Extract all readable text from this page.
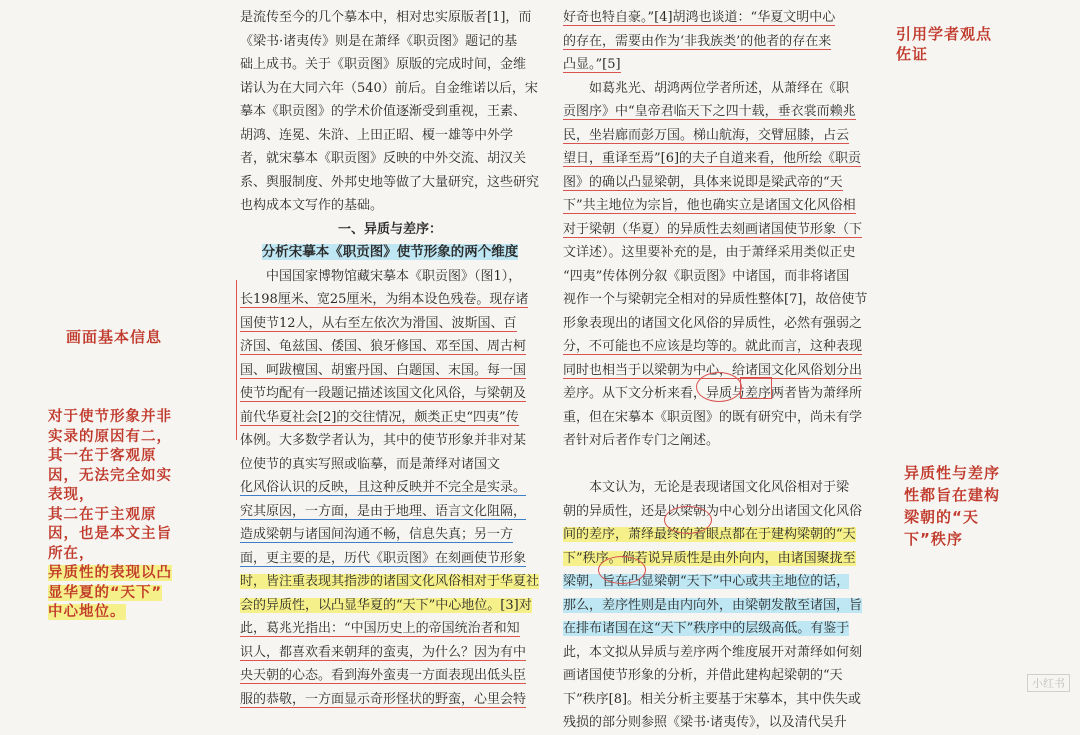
是流传至今的几个摹本中，相对忠实原版者[1]，而
《梁书·诸夷传》则是在萧绎《职贡图》题记的基
础上成书。关于《职贡图》原版的完成时间，金维
诺认为在大同六年（540）前后。自金维诺以后，宋
摹本《职贡图》的学术价值逐渐受到重视，王素、
胡鸿、连冕、朱浒、上田正昭、榎一雄等中外学
者，就宋摹本《职贡图》反映的中外交流、胡汉关
系、舆服制度、外邦史地等做了大量研究，这些研究
也构成本文写作的基础。
一、异质与差序：
分析宋摹本《职贡图》使节形象的两个维度
中国国家博物馆藏宋摹本《职贡图》（图1），
长198厘米、宽25厘米，为绢本设色残卷。现存诸
国使节12人，从右至左依次为滑国、波斯国、百
济国、龟兹国、倭国、狼牙修国、邓至国、周古柯
国、呵跋檀国、胡蜜丹国、白题国、末国。每一国
使节均配有一段题记描述该国文化风俗，与梁朝及
前代华夏社会[2]的交往情况，颇类正史“四夷”传
体例。大多数学者认为，其中的使节形象并非对某
位使节的真实写照或临摹，而是萧绎对诸国文
化风俗认识的反映，且这种反映并不完全是实录。
究其原因，一方面，是由于地理、语言文化阻隔，
造成梁朝与诸国间沟通不畅，信息失真；另一方
面，更主要的是，历代《职贡图》在刻画使节形象
时，皆注重表现其指涉的诸国文化风俗相对于华夏社
会的异质性，以凸显华夏的“天下”中心地位。[3]对
此，葛兆光指出：“中国历史上的帝国统治者和知
识人，都喜欢看来朝拜的蛮夷，为什么？因为有中
央天朝的心态。看到海外蛮夷一方面表现出低头臣
服的恭敬，一方面显示奇形怪状的野蛮，心里会特
好奇也特自豪。”[4]胡鸿也谈道：“华夏文明中心
的存在，需要由作为‘非我族类’的他者的存在来
凸显。”[5]
如葛兆光、胡鸿两位学者所述，从萧绎在《职
贡图序》中“皇帝君临天下之四十载，垂衣裳而赖兆
民，坐岩廊而彭万国。梯山航海，交臂屈膝，占云
望日，重译至焉”[6]的夫子自道来看，他所绘《职贡
图》的确以凸显梁朝，具体来说即是梁武帝的“天
下”共主地位为宗旨，他也确实立是诸国文化风俗相
对于梁朝（华夏）的异质性去刻画诸国使节形象（下
文详述）。这里要补充的是，由于萧绎采用类似正史
“四夷”传体例分叙《职贡图》中诸国，而非将诸国
视作一个与梁朝完全相对的异质性整体[7]，故倍使节
形象表现出的诸国文化风俗的异质性，必然有强弱之
分，不可能也不应该是均等的。就此而言，这种表现
同时也相当于以梁朝为中心，给诸国文化风俗划分出
差序。从下文分析来看，异质与差序两者皆为萧绎所
重，但在宋摹本《职贡图》的既有研究中，尚未有学
者针对后者作专门之阐述。
本文认为，无论是表现诸国文化风俗相对于梁
朝的异质性，还是以梁朝为中心划分出诸国文化风俗
间的差序，萧绎最终的着眼点都在于建构梁朝的“天
下”秩序。倘若说异质性是由外向内，由诸国聚拢至
梁朝，旨在凸显梁朝“天下”中心或共主地位的话，
那么，差序性则是由内向外，由梁朝发散至诸国，旨
在排布诸国在这“天下”秩序中的层级高低。有鉴于
此，本文拟从异质与差序两个维度展开对萧绎如何刻
画诸国使节形象的分析，并借此建构起梁朝的“天
下”秩序[8]。相关分析主要基于宋摹本，其中佚失或
残损的部分则参照《梁书·诸夷传》，以及清代吴升
引用学者观点
佐证
画面基本信息
对于使节形象并非
实录的原因有二，
其一在于客观原
因，无法完全如实
表现，
其二在于主观原
因，也是本文主旨
所在，
异质性的表现以凸
显华夏的“天下”
中心地位。
异质性与差序
性都旨在建构
梁朝的“天
下”秩序
小红书
